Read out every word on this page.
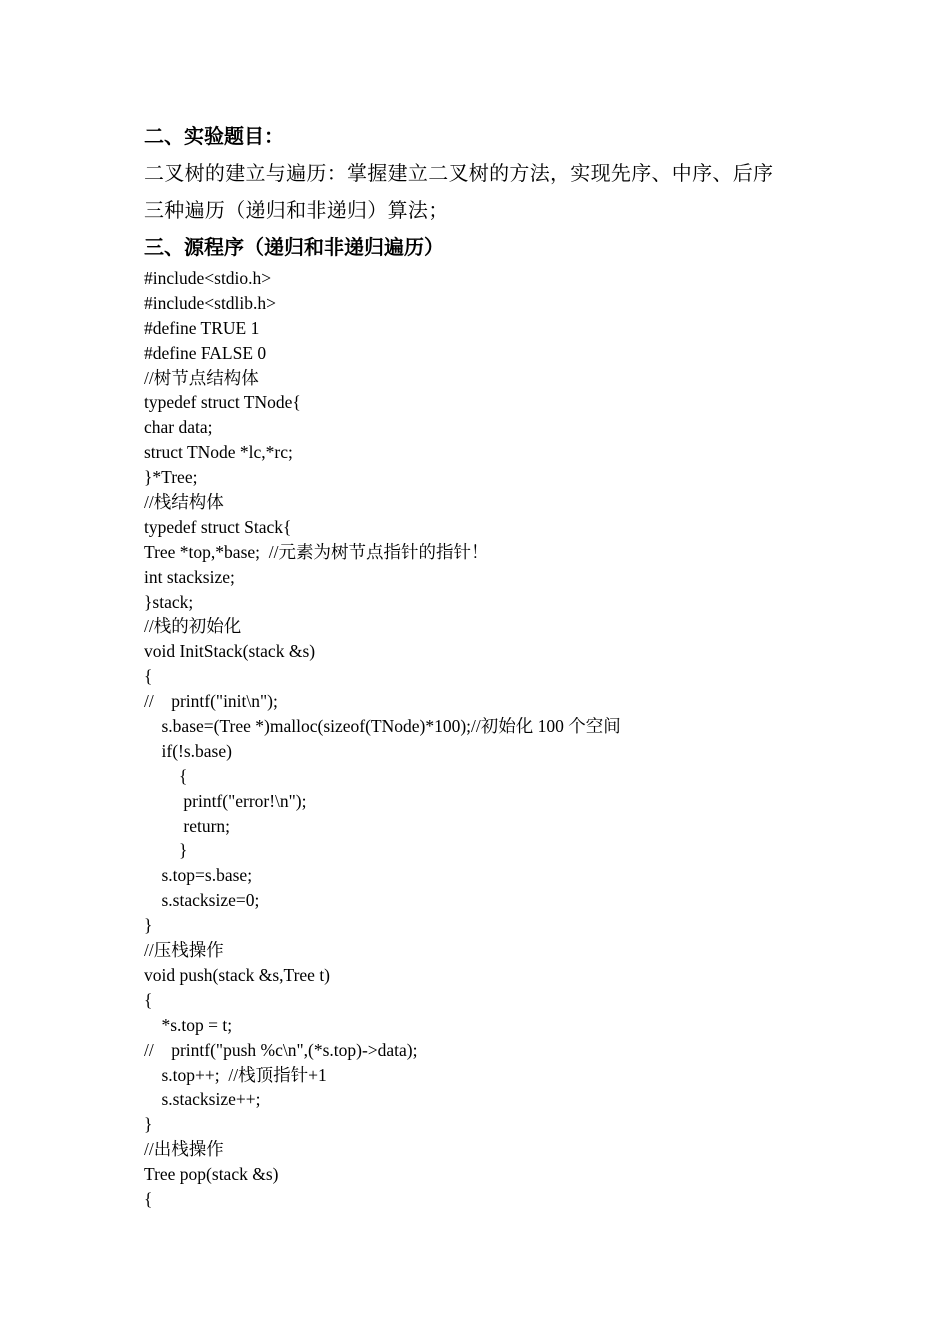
二、实验题目：
二叉树的建立与遍历：掌握建立二叉树的方法，实现先序、中序、后序
三种遍历（递归和非递归）算法；
三、源程序（递归和非递归遍历）
#include<stdio.h>
#include<stdlib.h>
#define TRUE 1
#define FALSE 0
//树节点结构体
typedef struct TNode{
char data;
struct TNode *lc,*rc;
}*Tree;
//栈结构体
typedef struct Stack{
Tree *top,*base;  //元素为树节点指针的指针！
int stacksize;
}stack;
//栈的初始化
void InitStack(stack &s)
{
//    printf("init\n");
s.base=(Tree *)malloc(sizeof(TNode)*100);//初始化 100 个空间
if(!s.base)
{
printf("error!\n");
return;
}
s.top=s.base;
s.stacksize=0;
}
//压栈操作
void push(stack &s,Tree t)
{
*s.top = t;
//    printf("push %c\n",(*s.top)->data);
s.top++;  //栈顶指针+1
s.stacksize++;
}
//出栈操作
Tree pop(stack &s)
{
